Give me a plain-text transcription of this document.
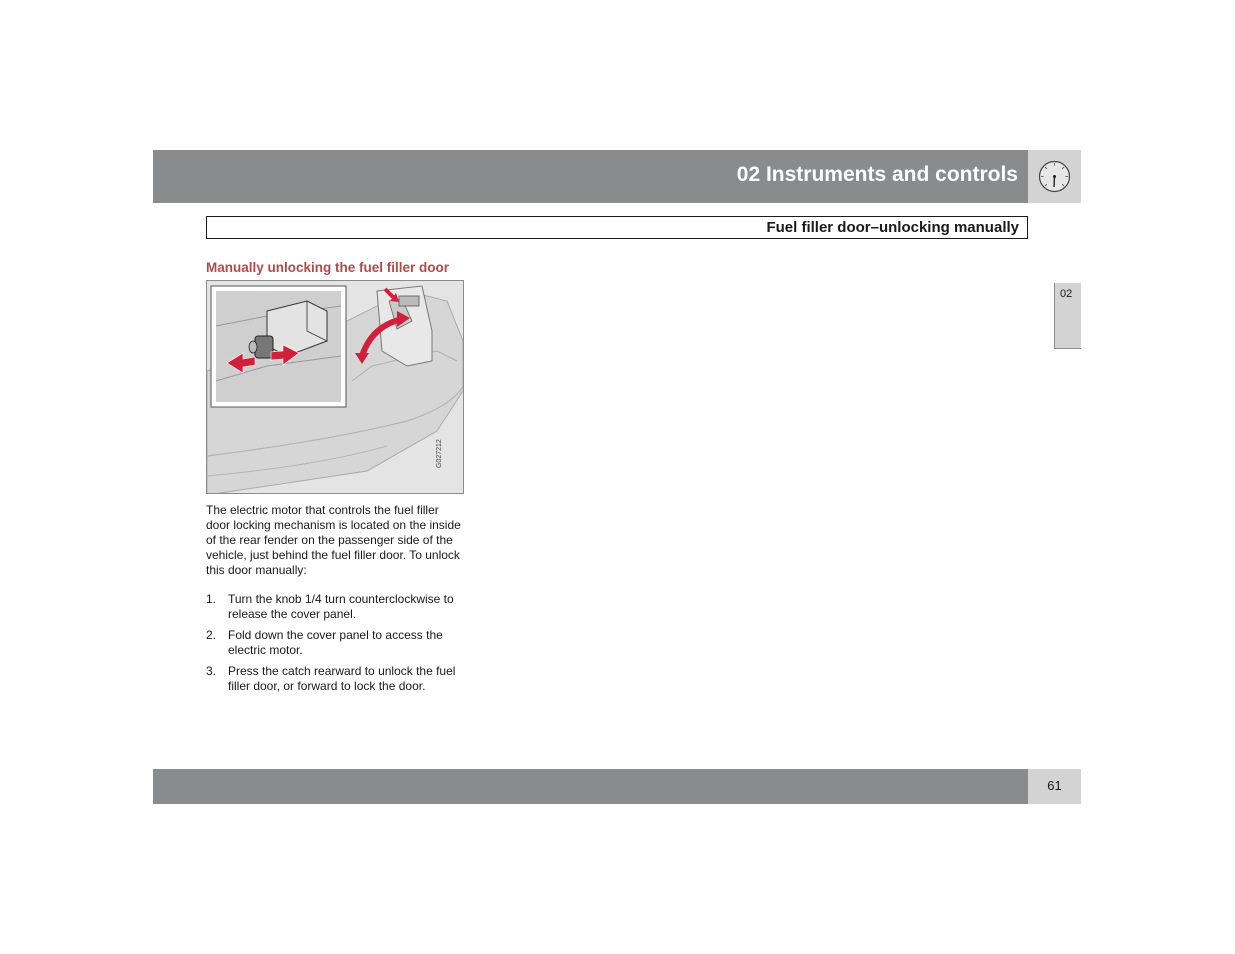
02 Instruments and controls
Fuel filler door–unlocking manually
02
Manually unlocking the fuel filler door
G027212

The electric motor that controls the fuel filler door locking mechanism is located on the inside of the rear fender on the passenger side of the vehicle, just behind the fuel filler door. To unlock this door manually:

1. Turn the knob 1/4 turn counterclockwise to release the cover panel.
2. Fold down the cover panel to access the electric motor.
3. Press the catch rearward to unlock the fuel filler door, or forward to lock the door.
61
